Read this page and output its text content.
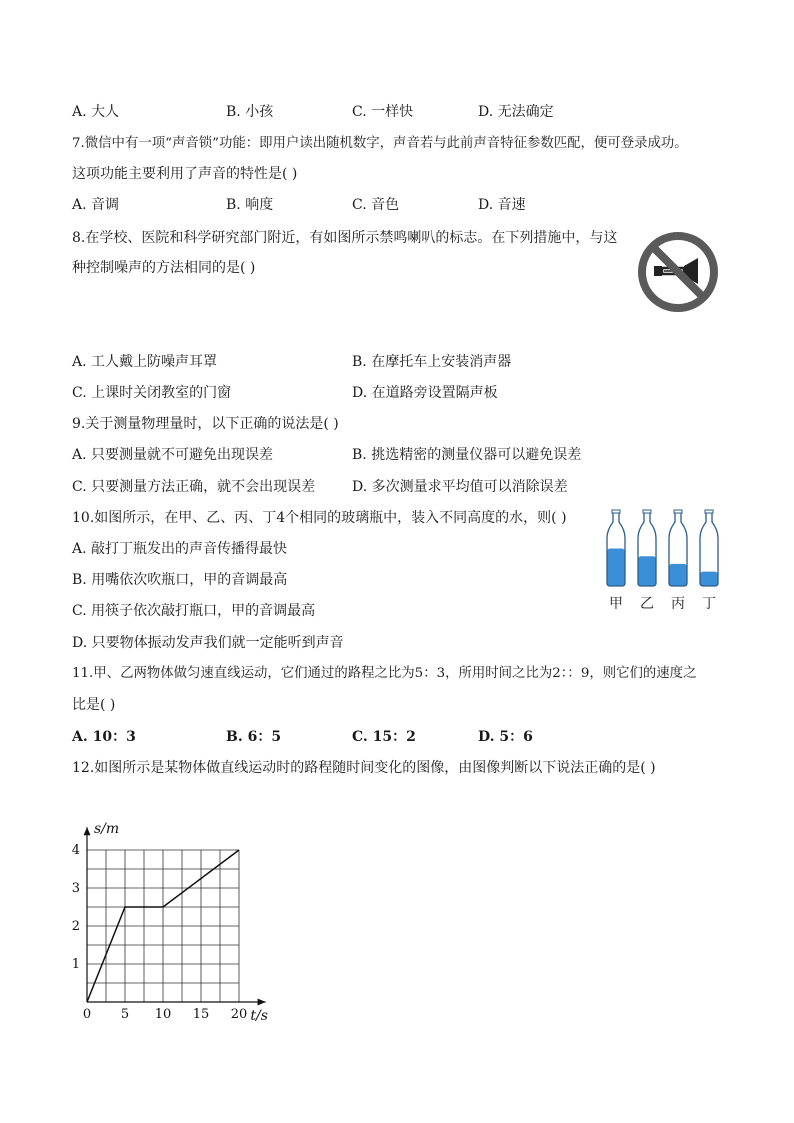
A. 大人	B. 小孩	C. 一样快	D. 无法确定
7.微信中有一项“声音锁”功能：即用户读出随机数字，声音若与此前声音特征参数匹配，便可登录成功。
这项功能主要利用了声音的特性是( )
A. 音调	B. 响度	C. 音色	D. 音速
8.在学校、医院和科学研究部门附近，有如图所示禁鸣喇叭的标志。在下列措施中，与这
种控制噪声的方法相同的是( )
A. 工人戴上防噪声耳罩	B. 在摩托车上安装消声器
C. 上课时关闭教室的门窗	D. 在道路旁设置隔声板
9.关于测量物理量时，以下正确的说法是( )
A. 只要测量就不可避免出现误差	B. 挑选精密的测量仪器可以避免误差
C. 只要测量方法正确，就不会出现误差	D. 多次测量求平均值可以消除误差
10.如图所示，在甲、乙、丙、丁4个相同的玻璃瓶中，装入不同高度的水，则( )
A. 敲打丁瓶发出的声音传播得最快
B. 用嘴依次吹瓶口，甲的音调最高
C. 用筷子依次敲打瓶口，甲的音调最高
D. 只要物体振动发声我们就一定能听到声音
甲 乙 丙 丁
11.甲、乙两物体做匀速直线运动，它们通过的路程之比为5：3，所用时间之比为2：：9，则它们的速度之
比是( )
A. 10：3	B. 6：5	C. 15：2	D. 5：6
12.如图所示是某物体做直线运动时的路程随时间变化的图像，由图像判断以下说法正确的是( )
0 5 10 15 20
1
2
3
4
t/s
s/m
